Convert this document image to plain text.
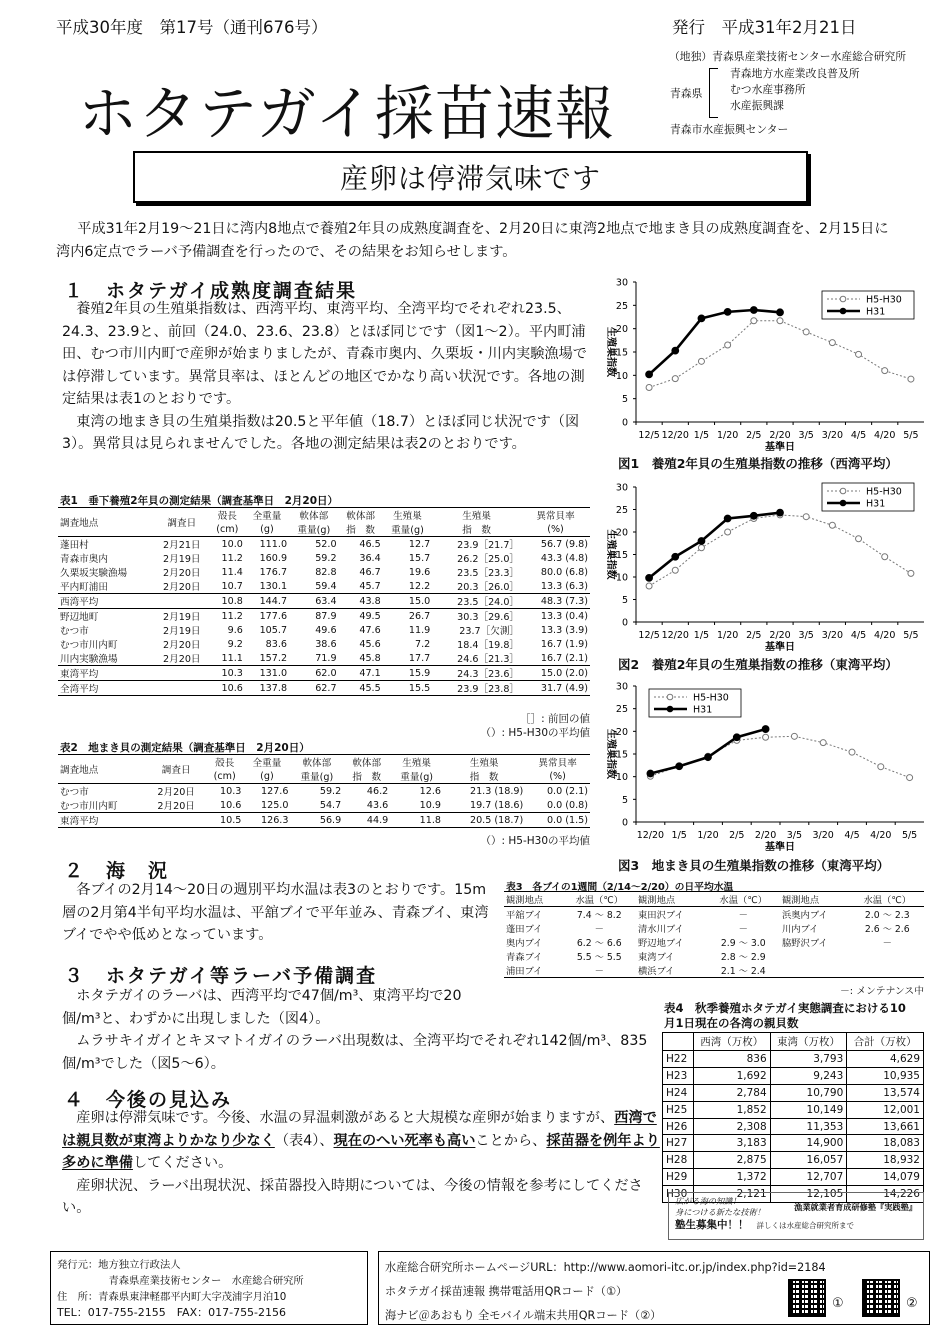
平成30年度　第17号（通刊676号）	発行　平成31年2月21日
ホタテガイ採苗速報
（地独）青森県産業技術センター水産総合研究所
青森県
青森地方水産業改良普及所
むつ水産事務所
水産振興課
青森市水産振興センター
産卵は停滞気味です

平成31年2月19～21日に湾内8地点で養殖2年貝の成熟度調査を、2月20日に東湾2地点で地まき貝の成熟度調査を、2月15日に湾内6定点でラーバ予備調査を行ったので、その結果をお知らせします。

１　ホタテガイ成熟度調査結果

養殖2年貝の生殖巣指数は、西湾平均、東湾平均、全湾平均でそれぞれ23.5、24.3、23.9と、前回（24.0、23.6、23.8）とほぼ同じです（図1～2）。平内町浦田、むつ市川内町で産卵が始まりましたが、青森市奥内、久栗坂・川内実験漁場では停滞しています。異常貝率は、ほとんどの地区でかなり高い状況です。各地の測定結果は表1のとおりです。

東湾の地まき貝の生殖巣指数は20.5と平年値（18.7）とほぼ同じ状況です（図3）。異常貝は見られませんでした。各地の測定結果は表2のとおりです。

表1　垂下養殖2年貝の測定結果（調査基準日　2月20日）
調査地点	調査日	殻長	全重量	軟体部	軟体部	生殖巣	生殖巣	異常貝率
		(cm)	(g)	重量(g)	指　数	重量(g)	指　数	(%)
蓬田村	2月21日	10.0	111.0	52.0	46.5	12.7	23.9［21.7］	56.7 (9.8)
青森市奥内	2月19日	11.2	160.9	59.2	36.4	15.7	26.2［25.0］	43.3 (4.8)
久栗坂実験漁場	2月20日	11.4	176.7	82.8	46.7	19.6	23.5［23.3］	80.0 (6.8)
平内町浦田	2月20日	10.7	130.1	59.4	45.7	12.2	20.3［26.0］	13.3 (6.3)
西湾平均		10.8	144.7	63.4	43.8	15.0	23.5［24.0］	48.3 (7.3)
野辺地町	2月19日	11.2	177.6	87.9	49.5	26.7	30.3［29.6］	13.3 (0.4)
むつ市	2月19日	9.6	105.7	49.6	47.6	11.9	23.7［欠測］	13.3 (3.9)
むつ市川内町	2月20日	9.2	83.6	38.6	45.6	7.2	18.4［19.8］	16.7 (1.9)
川内実験漁場	2月20日	11.1	157.2	71.9	45.8	17.7	24.6［21.3］	16.7 (2.1)
東湾平均		10.3	131.0	62.0	47.1	15.9	24.3［23.6］	15.0 (2.0)
全湾平均		10.6	137.8	62.7	45.5	15.5	23.9［23.8］	31.7 (4.9)
［］: 前回の値
（）: H5-H30の平均値
表2　地まき貝の測定結果（調査基準日　2月20日）
調査地点	調査日	殻長	全重量	軟体部	軟体部	生殖巣	生殖巣	異常貝率
		(cm)	(g)	重量(g)	指　数	重量(g)	指　数	(%)
むつ市	2月20日	10.3	127.6	59.2	46.2	12.6	21.3 (18.9)	0.0 (2.1)
むつ市川内町	2月20日	10.6	125.0	54.7	43.6	10.9	19.7 (18.6)	0.0 (0.8)
東湾平均		10.5	126.3	56.9	44.9	11.8	20.5 (18.7)	0.0 (1.5)
（）: H5-H30の平均値
0
5
10
15
20
25
30
12/5 12/20 1/5 1/20 2/5 2/20 3/5 3/20 4/5 4/20 5/5
基準日
生殖巣指数
H5-H30
H31
図1　養殖2年貝の生殖巣指数の推移（西湾平均）
0
5
10
15
20
25
30
12/5 12/20 1/5 1/20 2/5 2/20 3/5 3/20 4/5 4/20 5/5
基準日
生殖巣指数
H5-H30
H31
図2　養殖2年貝の生殖巣指数の推移（東湾平均）
0
5
10
15
20
25
30
12/20 1/5 1/20 2/5 2/20 3/5 3/20 4/5 4/20 5/5
基準日
生殖巣指数
H5-H30
H31
図3　地まき貝の生殖巣指数の推移（東湾平均）
２　海　況

各ブイの2月14～20日の週別平均水温は表3のとおりです。15m層の2月第4半旬平均水温は、平舘ブイで平年並み、青森ブイ、東湾ブイでやや低めとなっています。

表3　各ブイの1週間（2/14～2/20）の日平均水温
観測地点	水温（℃）	観測地点	水温（℃）	観測地点	水温（℃）
平舘ブイ	7.4 ～ 8.2	東田沢ブイ	－	浜奥内ブイ	2.0 ～ 2.3
蓬田ブイ	－	清水川ブイ	－	川内ブイ	2.6 ～ 2.6
奥内ブイ	6.2 ～ 6.6	野辺地ブイ	2.9 ～ 3.0	脇野沢ブイ	－
青森ブイ	5.5 ～ 5.5	東湾ブイ	2.8 ～ 2.9		
浦田ブイ	－	横浜ブイ	2.1 ～ 2.4		
－: メンテナンス中
３　ホタテガイ等ラーバ予備調査

ホタテガイのラーバは、西湾平均で47個/m³、東湾平均で20個/m³と、わずかに出現しました（図4）。

ムラサキイガイとキヌマトイガイのラーバ出現数は、全湾平均でそれぞれ142個/m³、835個/m³でした（図5～6）。

表4　秋季養殖ホタテガイ実態調査における10
月1日現在の各湾の親貝数
	西湾（万枚）	東湾（万枚）	合計（万枚）
H22	836	3,793	4,629
H23	1,692	9,243	10,935
H24	2,784	10,790	13,574
H25	1,852	10,149	12,001
H26	2,308	11,353	13,661
H27	3,183	14,900	18,083
H28	2,875	16,057	18,932
H29	1,372	12,707	14,079
H30	2,121	12,105	14,226
４　今後の見込み

産卵は停滞気味です。今後、水温の昇温刺激があると大規模な産卵が始まりますが、西湾では親貝数が東湾よりかなり少なく（表4）、現在のへい死率も高いことから、採苗器を例年より多めに準備してください。

産卵状況、ラーバ出現状況、採苗器投入時期については、今後の情報を参考にしてください。	広がる海の知識！
身につける新たな技術！
漁業就業者育成研修塾『実践塾』
塾生募集中！！ 詳しくは水産総合研究所まで
発行元：地方独立行政法人
　　　　　青森県産業技術センター　水産総合研究所
住　所：青森県東津軽郡平内町大字茂浦字月泊10
TEL：017-755-2155　FAX：017-755-2156
水産総合研究所ホームページURL：http://www.aomori-itc.or.jp/index.php?id=2184
ホタテガイ採苗速報 携帯電話用QRコード（①）
海ナビ＠あおもり 全モバイル端末共用QRコード（②）
①	②
